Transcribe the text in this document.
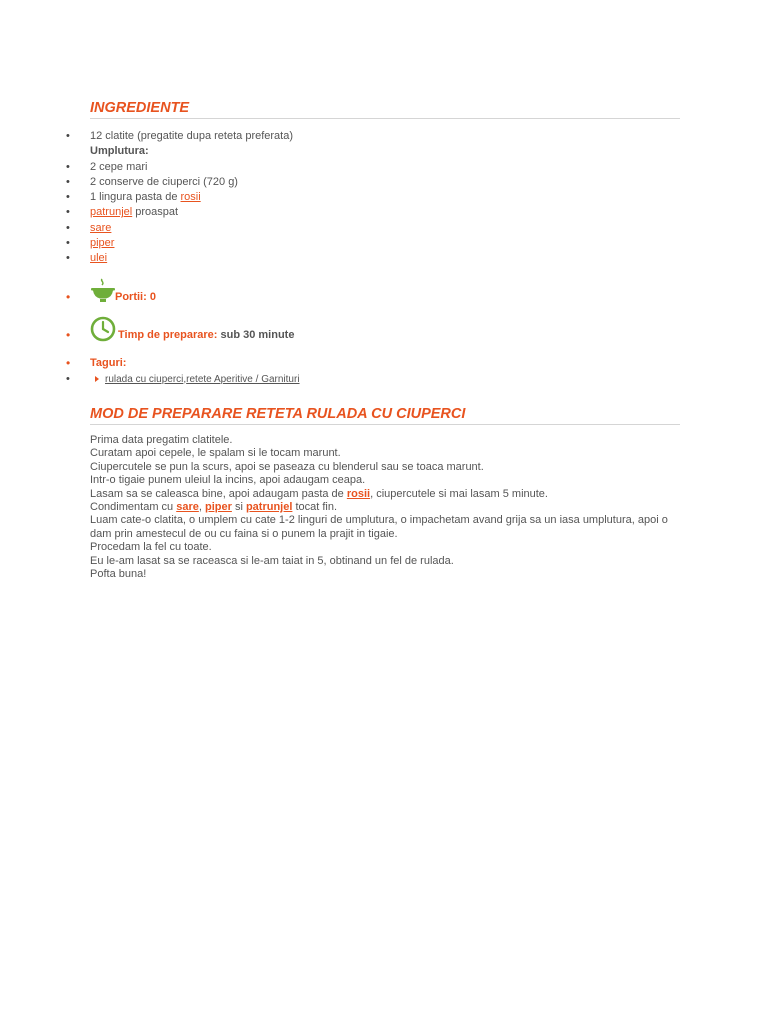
INGREDIENTE
• 12 clatite (pregatite dupa reteta preferata)
Umplutura:
• 2 cepe mari
• 2 conserve de ciuperci (720 g)
• 1 lingura pasta de rosii
• patrunjel proaspat
• sare
• piper
• ulei
•	Portii: 0
•	Timp de preparare: sub 30 minute
• Taguri:
•	rulada cu ciuperci,retete Aperitive / Garnituri
MOD DE PREPARARE RETETA RULADA CU CIUPERCI
Prima data pregatim clatitele.
Curatam apoi cepele, le spalam si le tocam marunt.
Ciupercutele se pun la scurs, apoi se paseaza cu blenderul sau se toaca marunt.
Intr-o tigaie punem uleiul la incins, apoi adaugam ceapa.
Lasam sa se caleasca bine, apoi adaugam pasta de rosii, ciupercutele si mai lasam 5 minute.
Condimentam cu sare, piper si patrunjel tocat fin.
Luam cate-o clatita, o umplem cu cate 1-2 linguri de umplutura, o impachetam avand grija sa un iasa umplutura, apoi o dam prin amestecul de ou cu faina si o punem la prajit in tigaie.
Procedam la fel cu toate.
Eu le-am lasat sa se raceasca si le-am taiat in 5, obtinand un fel de rulada.
Pofta buna!
